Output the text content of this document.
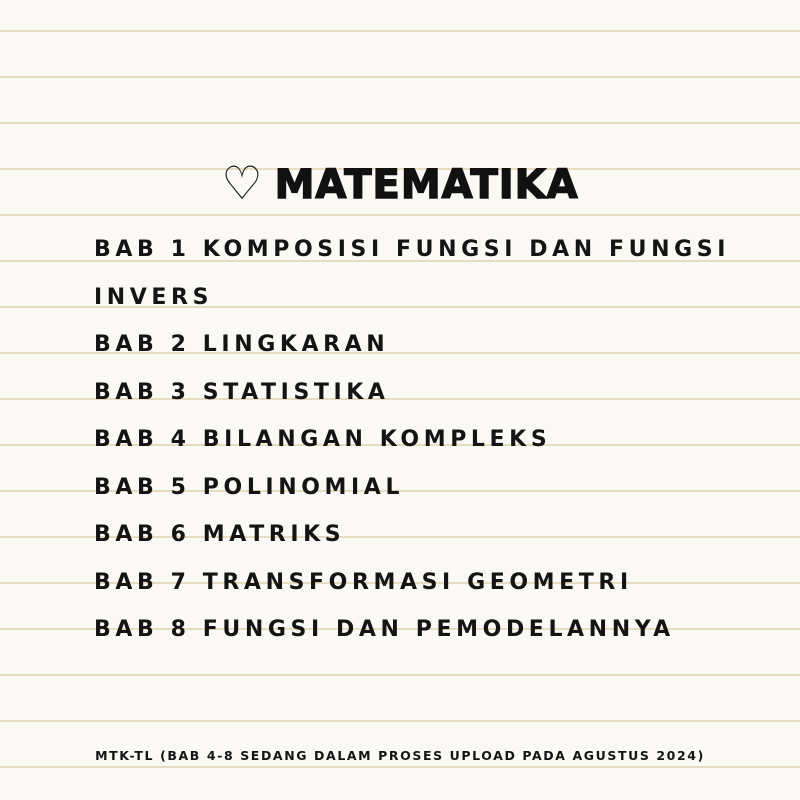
♡ MATEMATIKA
BAB 1 KOMPOSISI FUNGSI DAN FUNGSI
INVERS
BAB 2 LINGKARAN
BAB 3 STATISTIKA
BAB 4 BILANGAN KOMPLEKS
BAB 5 POLINOMIAL
BAB 6 MATRIKS
BAB 7 TRANSFORMASI GEOMETRI
BAB 8 FUNGSI DAN PEMODELANNYA
MTK-TL (BAB 4-8 SEDANG DALAM PROSES UPLOAD PADA AGUSTUS 2024)
